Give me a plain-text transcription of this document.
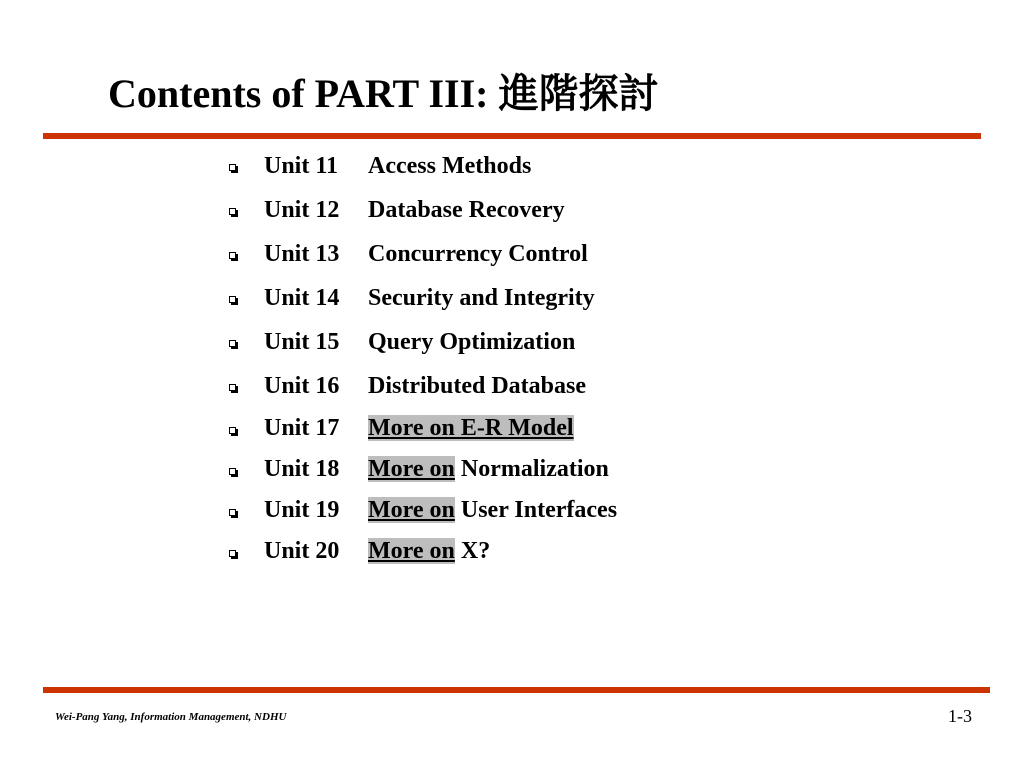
Contents of PART III: 進階探討
Unit 11 Access Methods
Unit 12 Database Recovery
Unit 13 Concurrency Control
Unit 14 Security and Integrity
Unit 15 Query Optimization
Unit 16 Distributed Database
Unit 17 More on E-R Model
Unit 18 More on Normalization
Unit 19 More on User Interfaces
Unit 20 More on X?
Wei-Pang Yang, Information Management, NDHU	1-3
